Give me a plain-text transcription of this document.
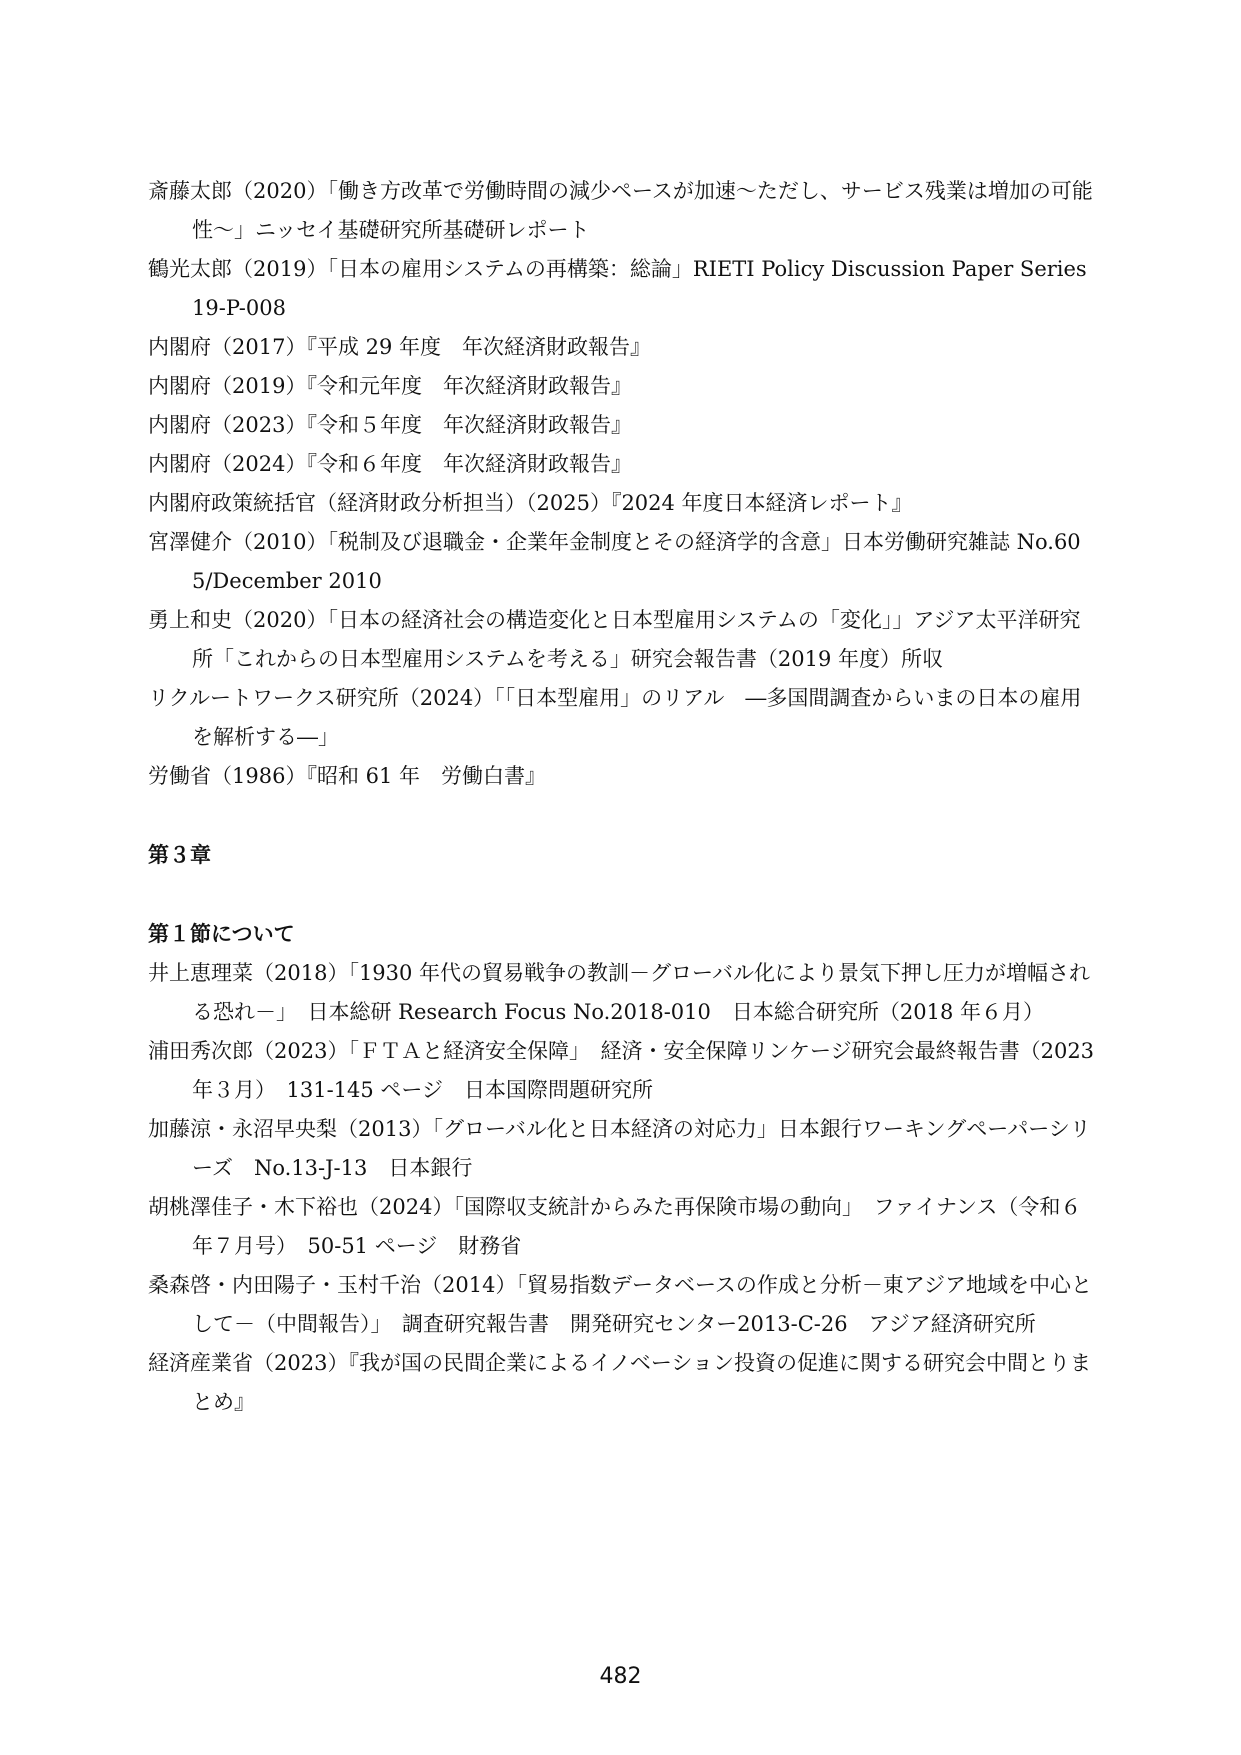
斎藤太郎（2020）「働き方改革で労働時間の減少ペースが加速〜ただし、サービス残業は増加の可能性〜」ニッセイ基礎研究所基礎研レポート
鶴光太郎（2019）「日本の雇用システムの再構築：総論」RIETI Policy Discussion Paper Series 19-P-008
内閣府（2017）『平成 29 年度　年次経済財政報告』
内閣府（2019）『令和元年度　年次経済財政報告』
内閣府（2023）『令和５年度　年次経済財政報告』
内閣府（2024）『令和６年度　年次経済財政報告』
内閣府政策統括官（経済財政分析担当）（2025）『2024 年度日本経済レポート』
宮澤健介（2010）「税制及び退職金・企業年金制度とその経済学的含意」日本労働研究雑誌 No.605/December 2010
勇上和史（2020）「日本の経済社会の構造変化と日本型雇用システムの「変化」」アジア太平洋研究所「これからの日本型雇用システムを考える」研究会報告書（2019 年度）所収
リクルートワークス研究所（2024）「「日本型雇用」のリアル　―多国間調査からいまの日本の雇用を解析する―」
労働省（1986）『昭和 61 年　労働白書』
第３章
第１節について
井上恵理菜（2018）「1930 年代の貿易戦争の教訓－グローバル化により景気下押し圧力が増幅される恐れ－」　日本総研 Research Focus No.2018-010　日本総合研究所（2018 年６月）
浦田秀次郎（2023）「ＦＴＡと経済安全保障」　経済・安全保障リンケージ研究会最終報告書（2023 年３月）　131-145 ページ　日本国際問題研究所
加藤涼・永沼早央梨（2013）「グローバル化と日本経済の対応力」日本銀行ワーキングペーパーシリーズ　No.13-J-13　日本銀行
胡桃澤佳子・木下裕也（2024）「国際収支統計からみた再保険市場の動向」　ファイナンス（令和６年７月号）　50-51 ページ　財務省
桑森啓・内田陽子・玉村千治（2014）「貿易指数データベースの作成と分析－東アジア地域を中心として－（中間報告）」　調査研究報告書　開発研究センター2013-C-26　アジア経済研究所
経済産業省（2023）『我が国の民間企業によるイノベーション投資の促進に関する研究会中間とりまとめ』
482
